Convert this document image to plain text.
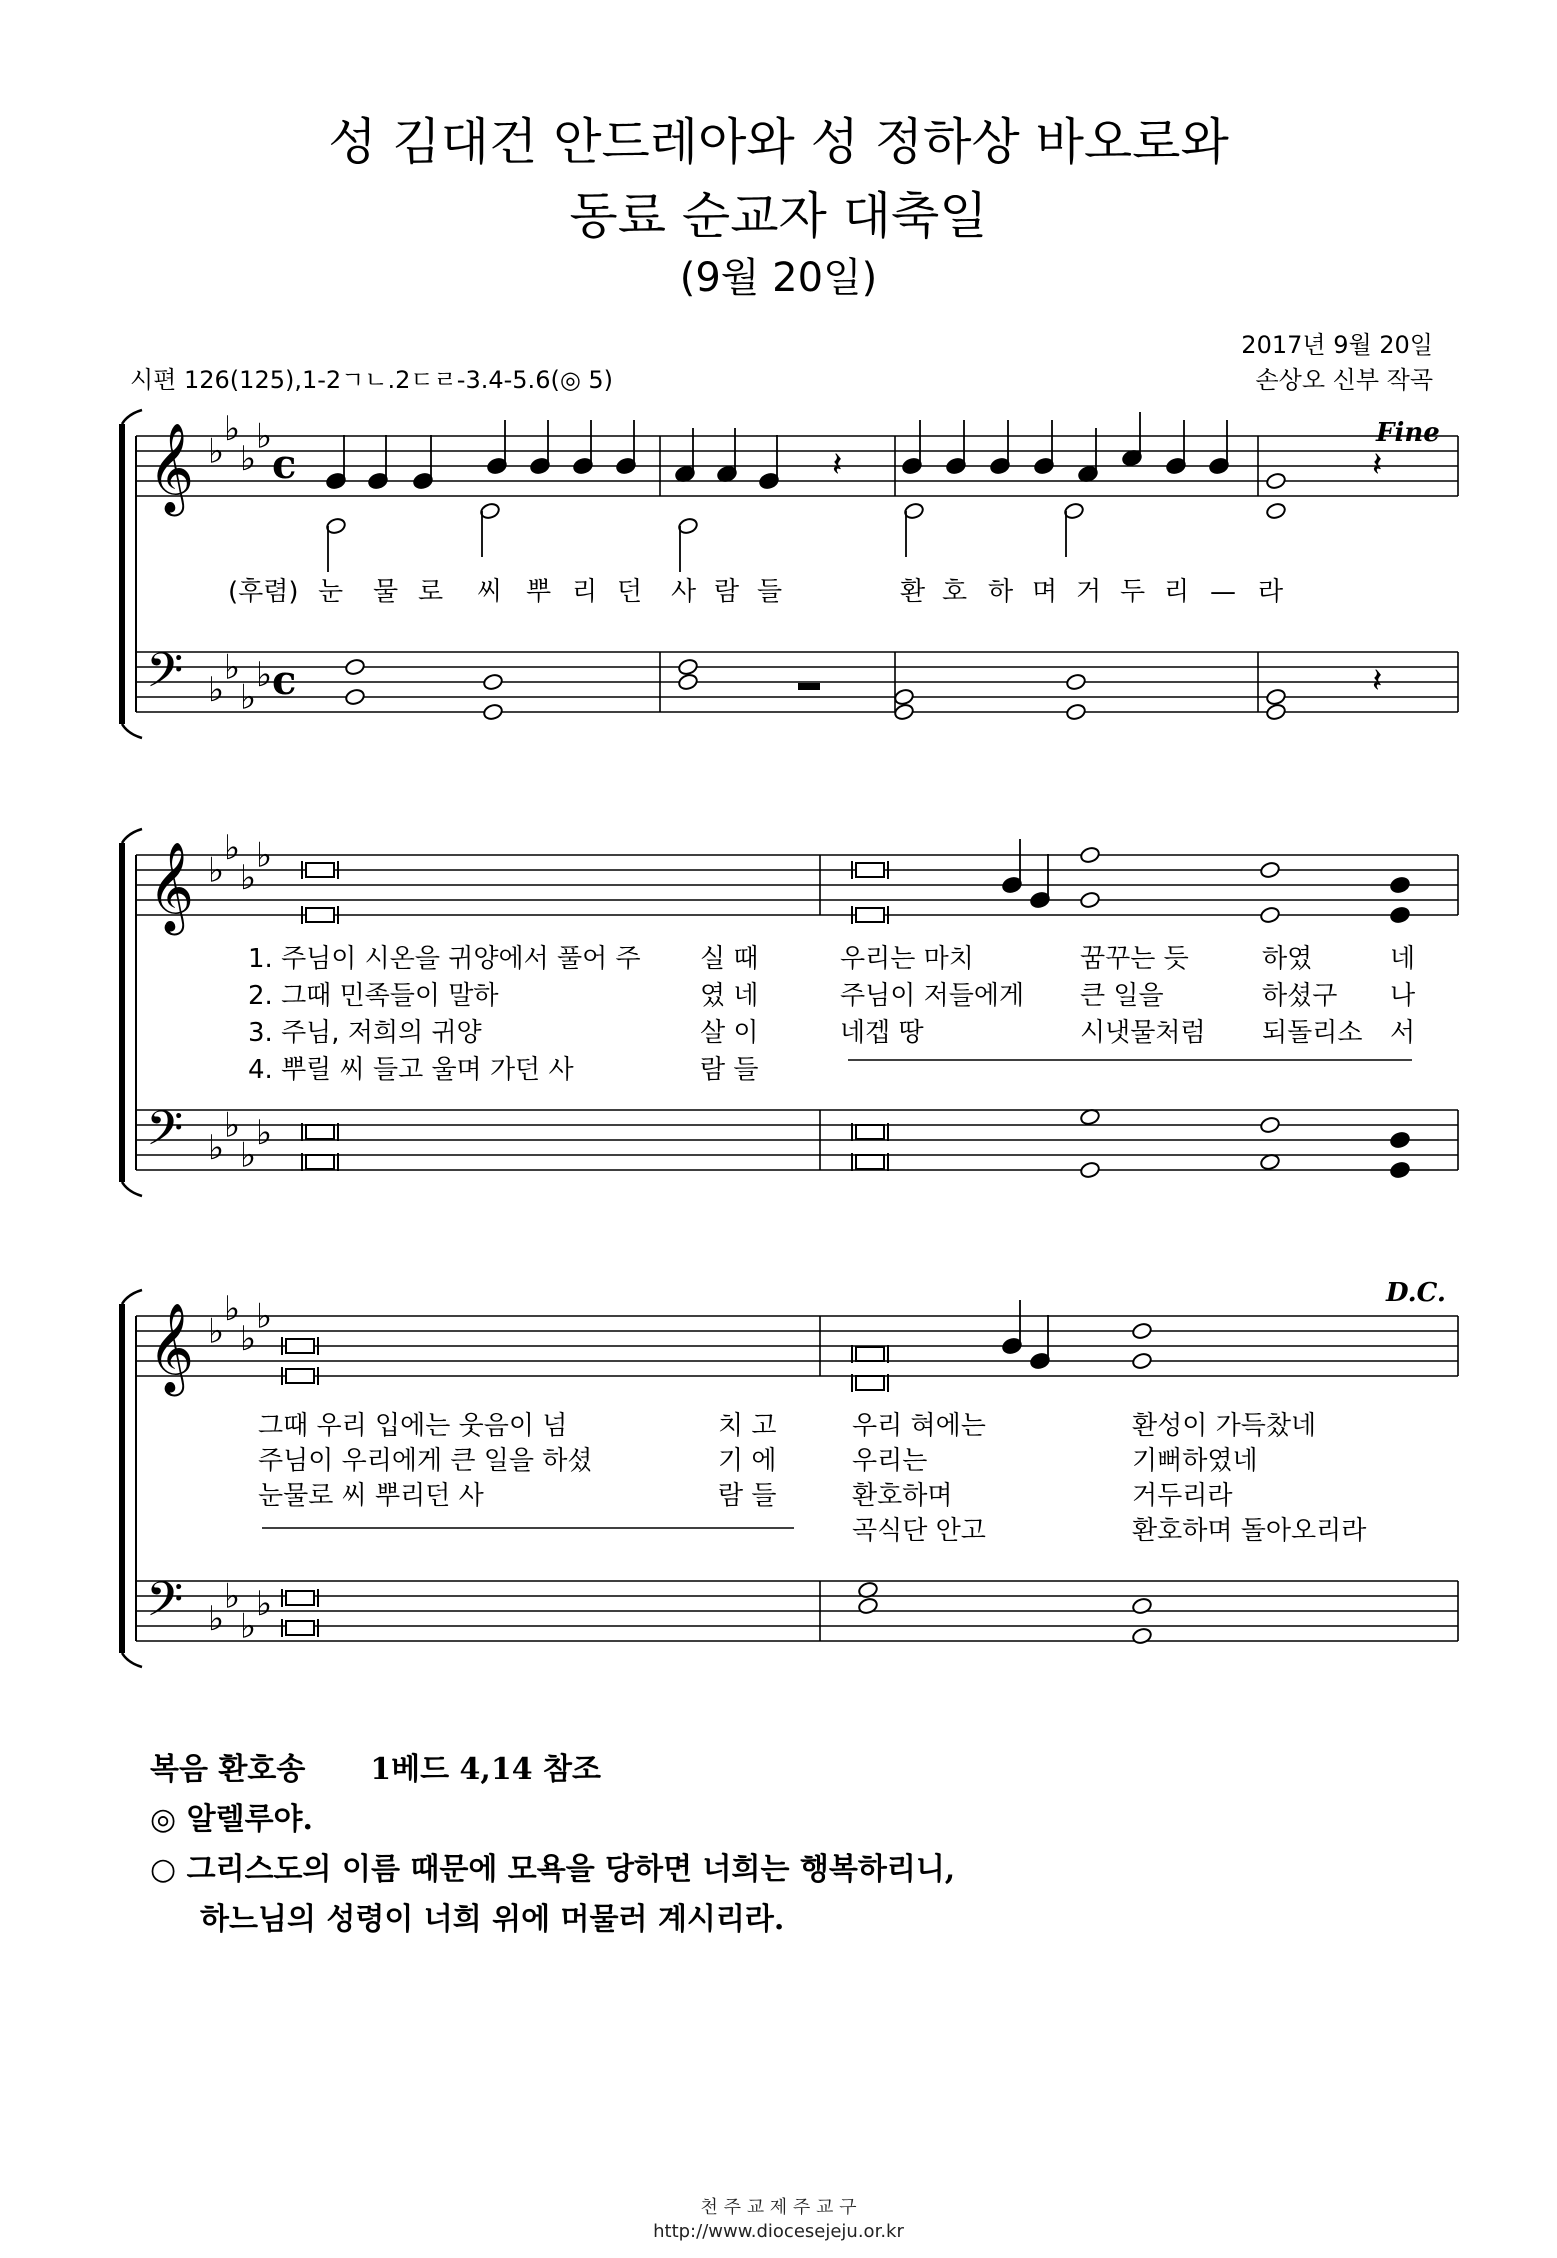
성 김대건 안드레아와 성 정하상 바오로와
동료 순교자 대축일
(9월 20일)
시편 126(125),1-2ㄱㄴ.2ㄷㄹ-3.4-5.6(◎ 5)
2017년 9월 20일
손상오 신부 작곡
𝄞
𝄢
♭
♭
♭
♭
♭
♭
♭
♭
c
c
𝄽	𝄽
𝄽
𝄞
𝄢
♭
♭
♭
♭
♭
♭
♭
♭
𝄞
𝄢
♭
♭
♭
♭
♭
♭
♭
♭
Fine
D.C.
(후렴) 눈 물 로 씨 뿌 리 던 사 람 들	환 호 하 며 거 두 리 — 라
1. 주님이 시온을 귀양에서 풀어 주 실 때	우리는 마치	꿈꾸는 듯	하였	네
2. 그때 민족들이 말하	였 네	주님이 저들에게 큰 일을	하셨구 나
3. 주님, 저희의 귀양	살 이	네겝 땅	시냇물처럼 되돌리소 서
4. 뿌릴 씨 들고 울며 가던 사	람 들
그때 우리 입에는 웃음이 넘	치 고	우리 혀에는	환성이 가득찼네
주님이 우리에게 큰 일을 하셨	기 에	우리는	기뻐하였네
눈물로 씨 뿌리던 사	람 들	환호하며	거두리라
곡식단 안고	환호하며 돌아오리라
복음 환호송 1베드 4,14 참조
◎ 알렐루야.
○ 그리스도의 이름 때문에 모욕을 당하면 너희는 행복하리니,
하느님의 성령이 너희 위에 머물러 계시리라.
천 주 교 제 주 교 구
http://www.diocesejeju.or.kr
